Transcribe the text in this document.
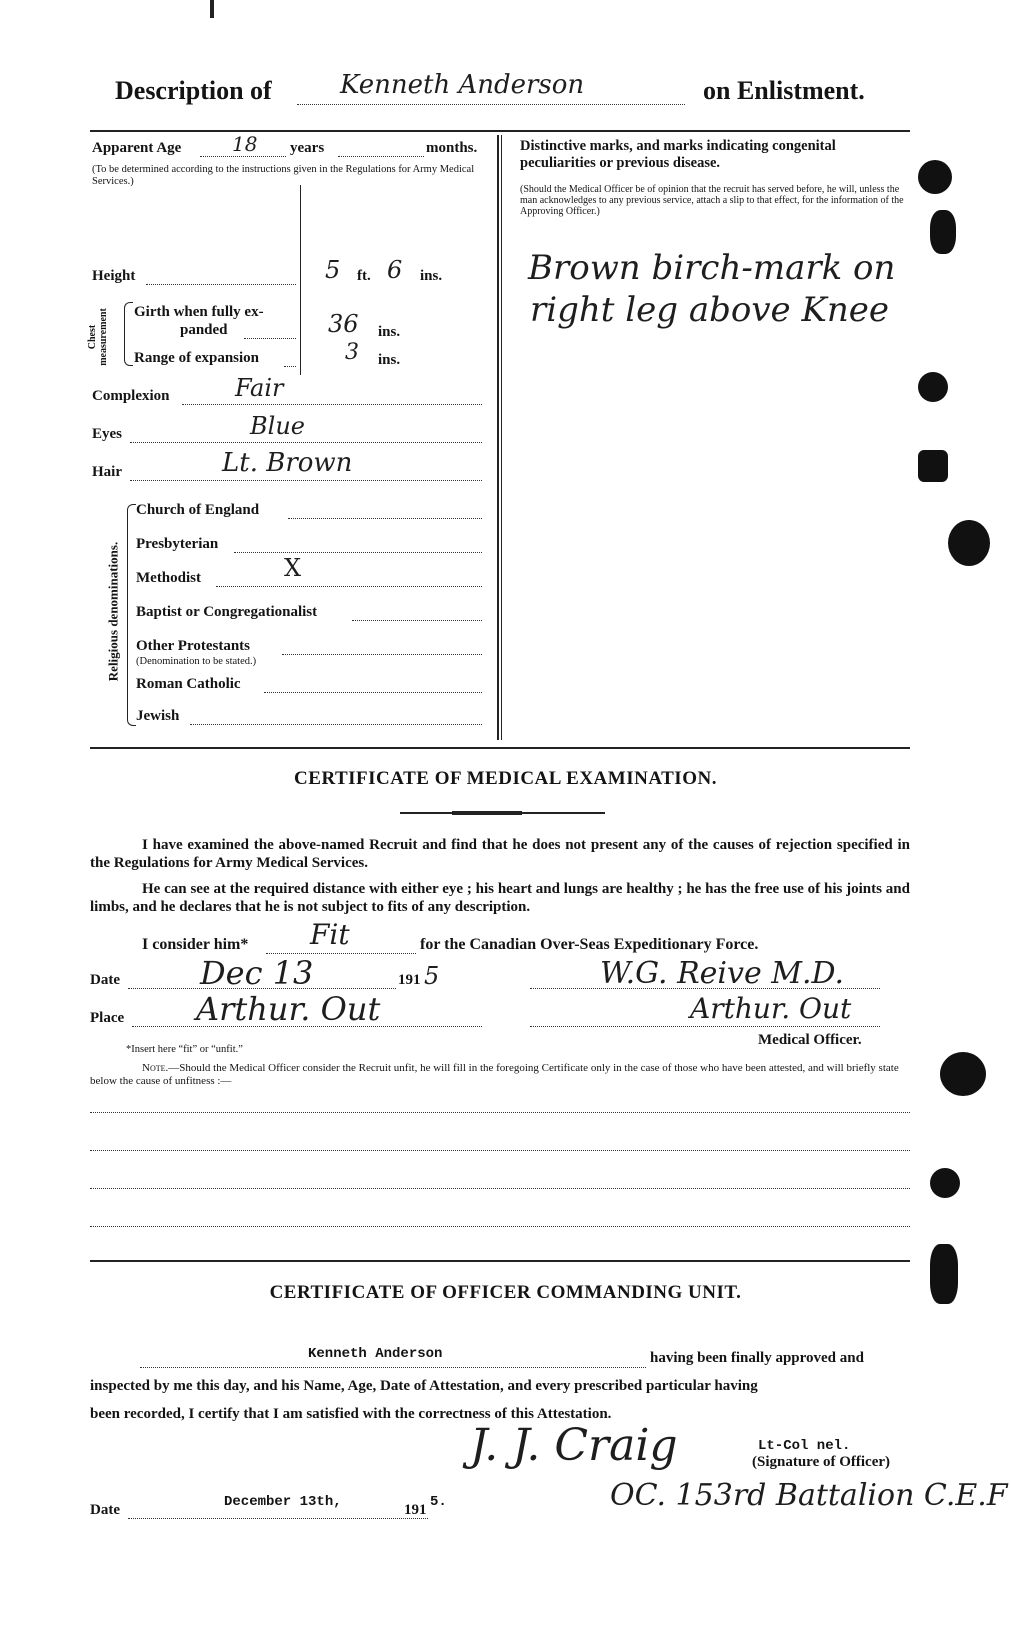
Description of	Kenneth Anderson	on Enlistment.
Apparent Age	18 years	months.
(To be determined according to the instructions given in the Regulations for Army Medical Services.)
Height	5 ft. 6 ins.
Chest measurement Girth when fully ex-
panded	36 ins.
Range of expansion	3 ins.
Complexion	Fair
Eyes	Blue
Hair	Lt. Brown
Religious denominations.
Church of England
Presbyterian
Methodist	X
Baptist or Congregationalist
Other Protestants
(Denomination to be stated.)
Roman Catholic
Jewish
Distinctive marks, and marks indicating congenital peculiarities or previous disease.
(Should the Medical Officer be of opinion that the recruit has served before, he will, unless the man acknowledges to any previous service, attach a slip to that effect, for the information of the Approving Officer.)
Brown birch-mark on
right leg above Knee
CERTIFICATE OF MEDICAL EXAMINATION.
I have examined the above-named Recruit and find that he does not present any of the causes of rejection specified in the Regulations for Army Medical Services.
He can see at the required distance with either eye ; his heart and lungs are healthy ; he has the free use of his joints and limbs, and he declares that he is not subject to fits of any description.
I consider him* Fit	for the Canadian Over-Seas Expeditionary Force.
Date	Dec 13	191 5	W.G. Reive M.D.
Place Arthur. Out	Arthur. Out
Medical Officer.
*Insert here “fit” or “unfit.”
Note.—Should the Medical Officer consider the Recruit unfit, he will fill in the foregoing Certificate only in the case of those who have been attested, and will briefly state below the cause of unfitness :—
CERTIFICATE OF OFFICER COMMANDING UNIT.
Kenneth Anderson	having been finally approved and
inspected by me this day, and his Name, Age, Date of Attestation, and every prescribed particular having
been recorded, I certify that I am satisfied with the correctness of this Attestation.
J. J. Craig	Lt-Col nel.
(Signature of Officer)
OC. 153rd Battalion C.E.F
Date	December 13th,	191 5.
